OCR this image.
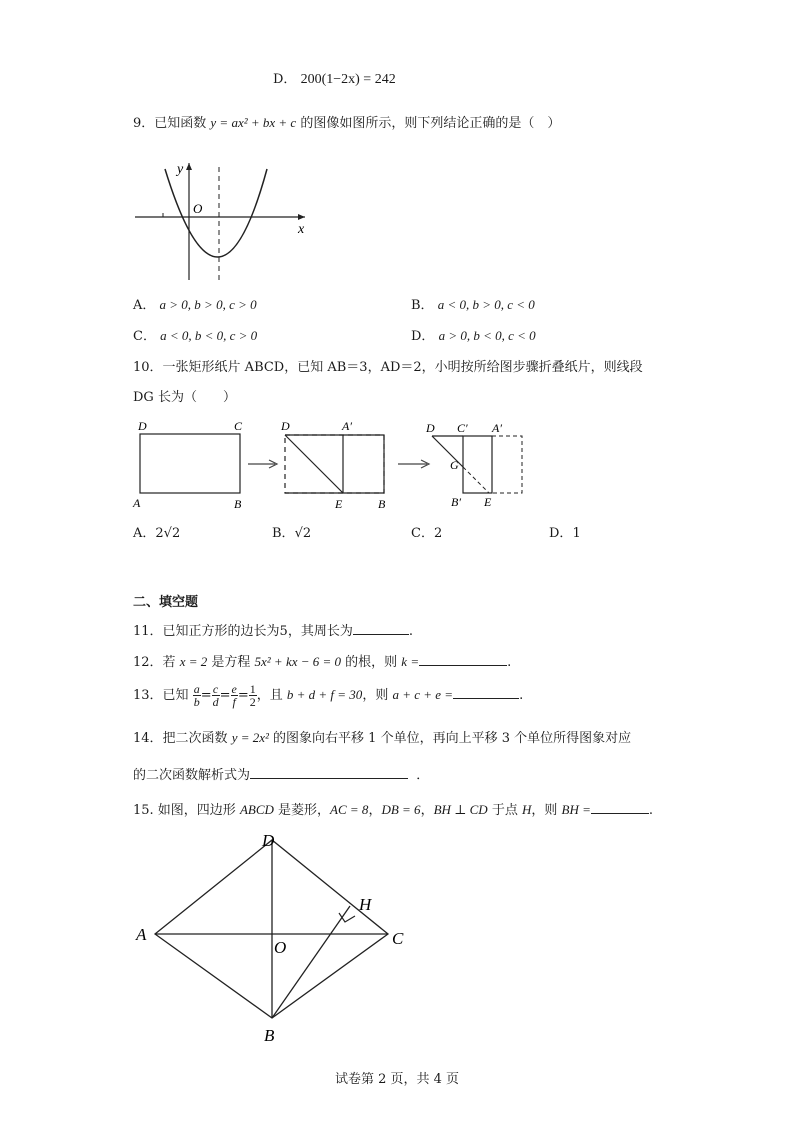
D． 200(1−2x) = 242
9．已知函数 y = ax² + bx + c 的图像如图所示，则下列结论正确的是（　）
y
x
O
A． a > 0, b > 0, c > 0	B． a < 0, b > 0, c < 0
C． a < 0, b < 0, c > 0	D． a > 0, b < 0, c < 0
10．一张矩形纸片 ABCD，已知 AB＝3，AD＝2，小明按所给图步骤折叠纸片，则线段
DG 长为（　　）
D	C
A	B
D	A′
E	B
D C′ A′
G
B′ E
A．2√2	B．√2	C．2	D．1
二、填空题
11．已知正方形的边长为5，其周长为	.
12．若 x = 2 是方程 5x² + kx − 6 = 0 的根，则 k =	.
13．已知 $\frac{a}{b} = \frac{c}{d} = \frac{e}{f} = \frac{1}{2}$ ，且 b + d + f = 30，则 a + c + e =	.
14．把二次函数 y = 2x² 的图象向右平移 1 个单位，再向上平移 3 个单位所得图象对应
的二次函数解析式为	．
15. 如图，四边形 ABCD 是菱形，AC = 8，DB = 6，BH ⊥ CD 于点 H，则 BH =	.
D
A	C
B
H
O
试卷第 2 页，共 4 页
